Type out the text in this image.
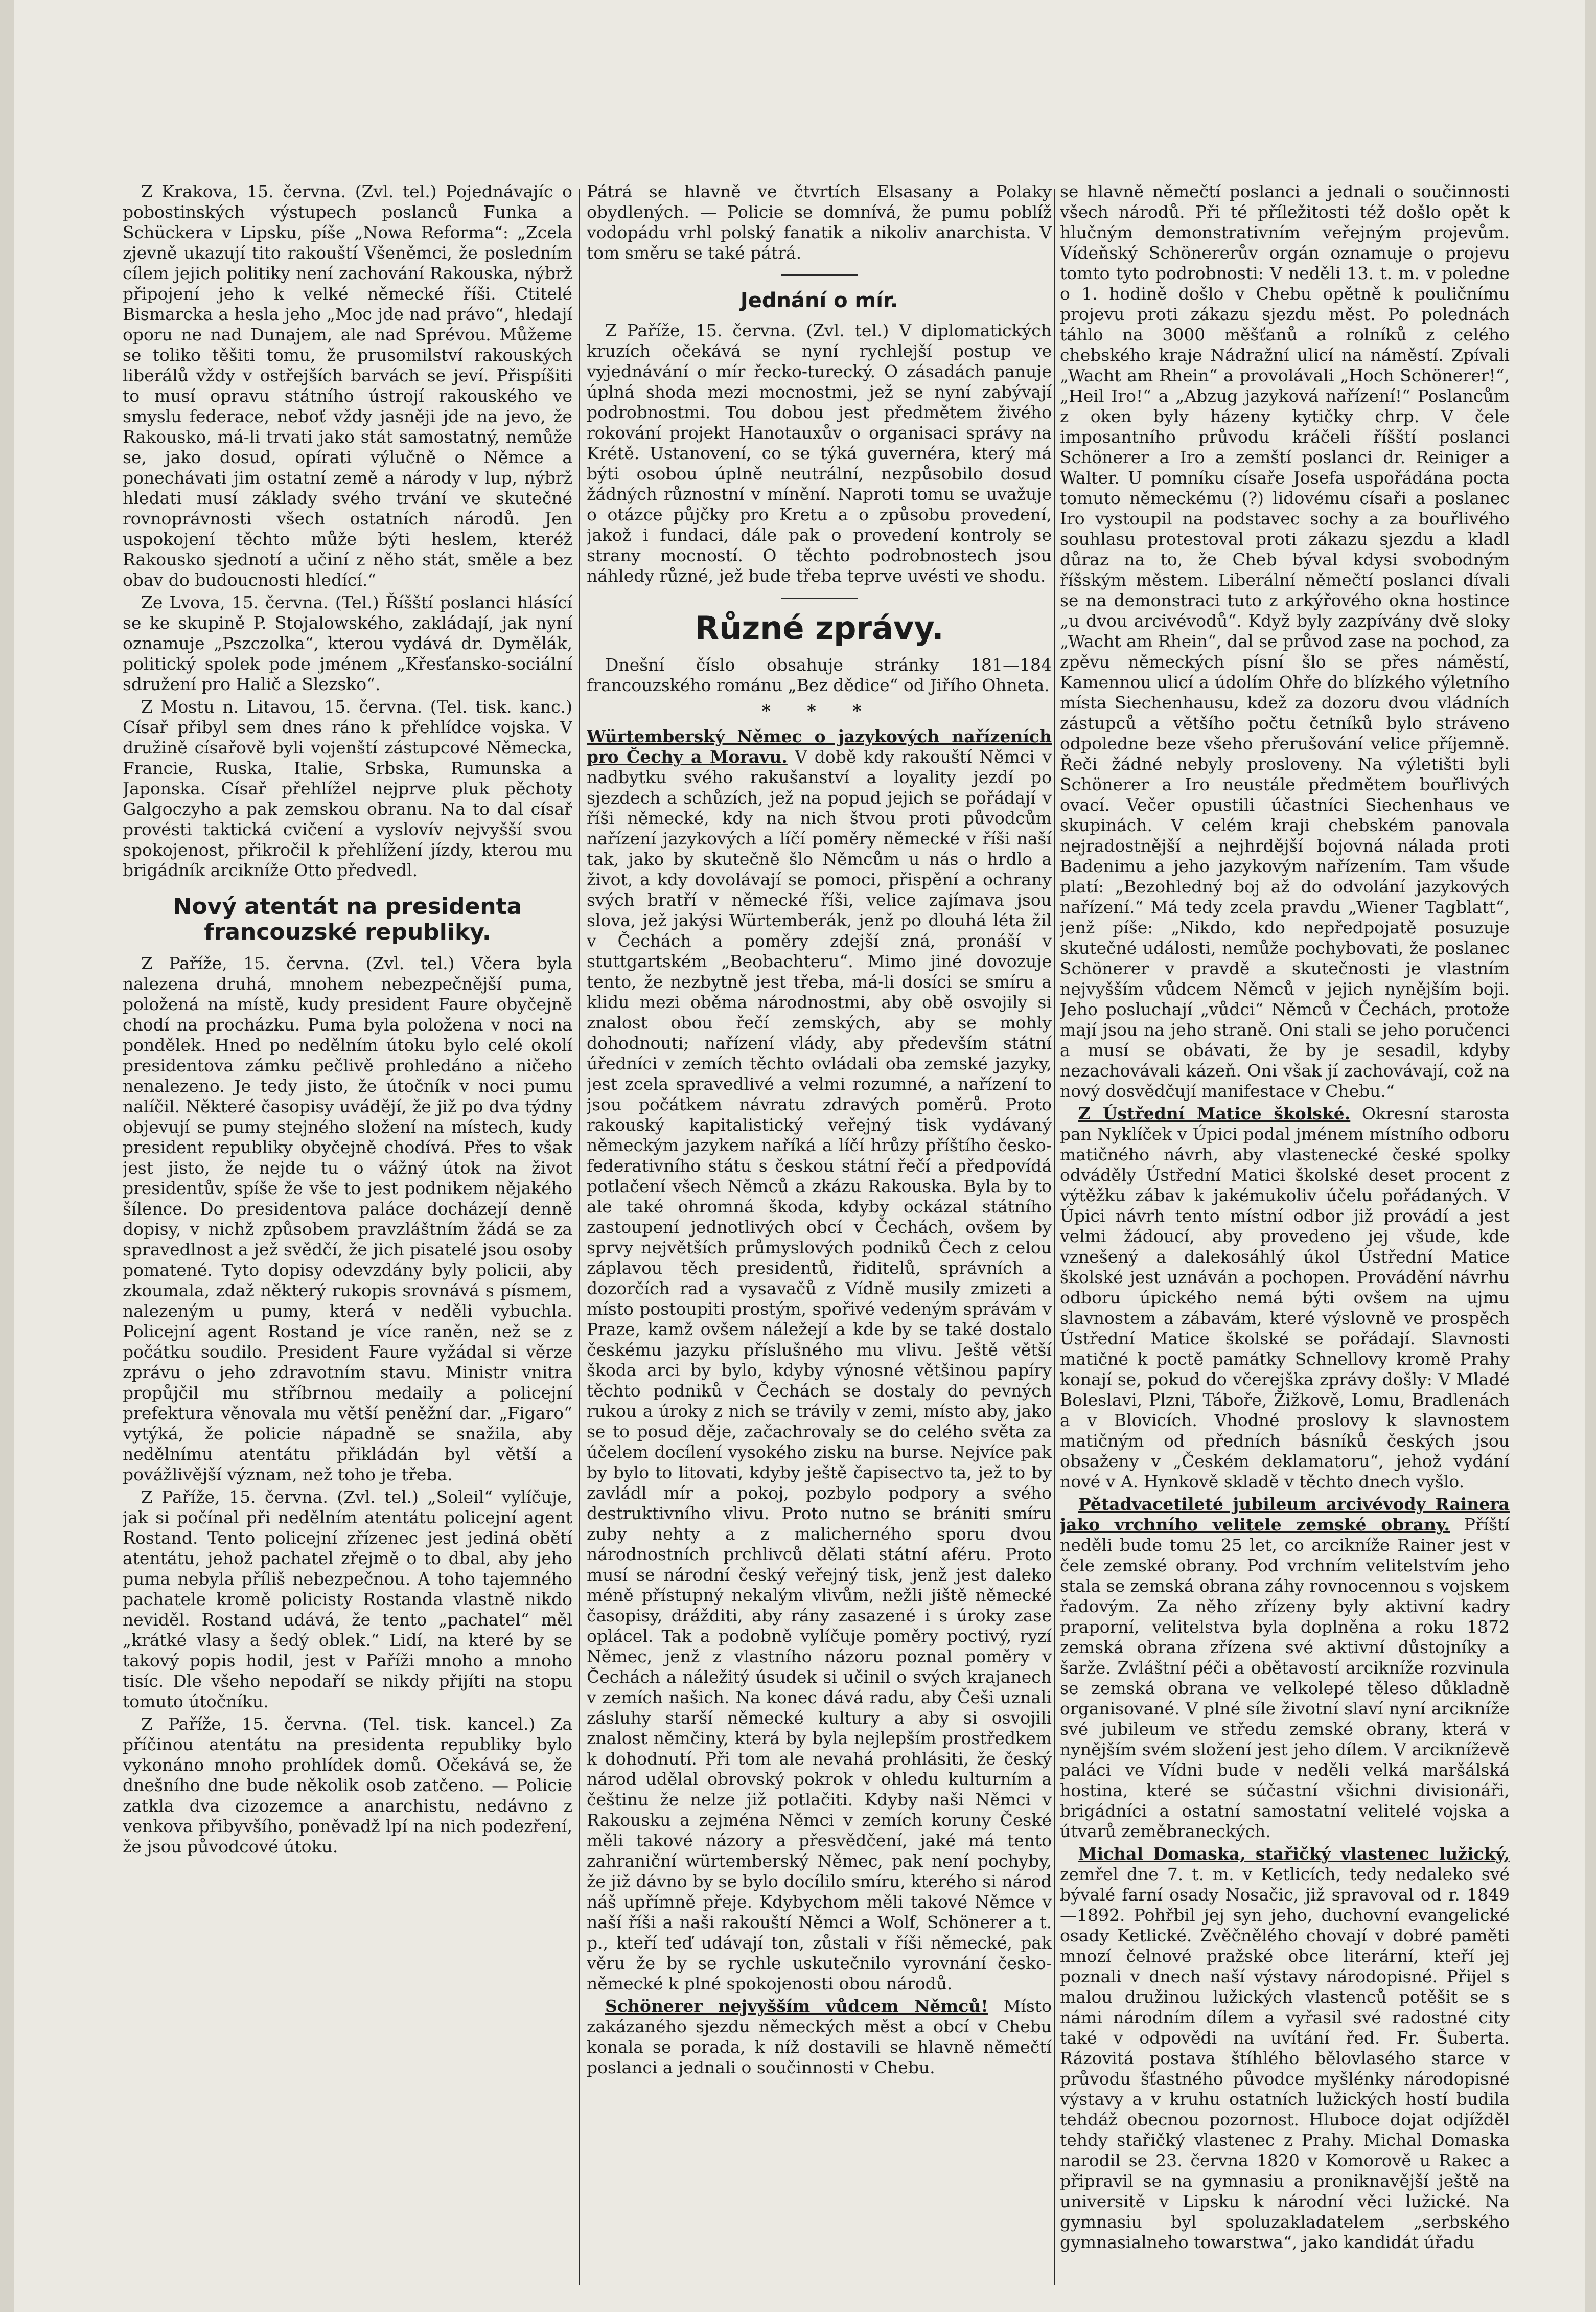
Z Krakova, 15. června. (Zvl. tel.) Pojednávajíc o pobostinských výstupech poslanců Funka a Schückera v Lipsku, píše „Nowa Reforma“: „Zcela zjevně ukazují tito rakouští Všeněmci, že posledním cílem jejich politiky není zachování Rakouska, nýbrž připojení jeho k velké německé říši. Ctitelé Bismarcka a hesla jeho „Moc jde nad právo“, hledají oporu ne nad Dunajem, ale nad Sprévou. Můžeme se toliko těšiti tomu, že prusomilství rakouských liberálů vždy v ostřejších barvách se jeví. Přispíšiti to musí opravu státního ústrojí rakouského ve smyslu federace, neboť vždy jasněji jde na jevo, že Rakousko, má-li trvati jako stát samostatný, nemůže se, jako dosud, opírati výlučně o Němce a ponechávati jim ostatní země a národy v lup, nýbrž hledati musí základy svého trvání ve skutečné rovnoprávnosti všech ostatních národů. Jen uspokojení těchto může býti heslem, kteréž Rakousko sjednotí a učiní z něho stát, směle a bez obav do budoucnosti hledící.“

Ze Lvova, 15. června. (Tel.) Říšští poslanci hlásící se ke skupině P. Stojalowského, zakládají, jak nyní oznamuje „Pszczolka“, kterou vydává dr. Dymělák, politický spolek pode jménem „Křesťansko-sociální sdružení pro Halič a Slezsko“.

Z Mostu n. Litavou, 15. června. (Tel. tisk. kanc.) Císař přibyl sem dnes ráno k přehlídce vojska. V družině císařově byli vojenští zástupcové Německa, Francie, Ruska, Italie, Srbska, Rumunska a Japonska. Císař přehlížel nejprve pluk pěchoty Galgoczyho a pak zemskou obranu. Na to dal císař provésti taktická cvičení a vyslovív nejvyšší svou spokojenost, přikročil k přehlížení jízdy, kterou mu brigádník arcikníže Otto předvedl.

Nový atentát na presidenta francouzské republiky.

Z Paříže, 15. června. (Zvl. tel.) Včera byla nalezena druhá, mnohem nebezpečnější puma, položená na místě, kudy president Faure obyčejně chodí na procházku. Puma byla položena v noci na pondělek. Hned po nedělním útoku bylo celé okolí presidentova zámku pečlivě prohledáno a ničeho nenalezeno. Je tedy jisto, že útočník v noci pumu nalíčil. Některé časopisy uvádějí, že již po dva týdny objevují se pumy stejného složení na místech, kudy president republiky obyčejně chodívá. Přes to však jest jisto, že nejde tu o vážný útok na život presidentův, spíše že vše to jest podnikem nějakého šílence. Do presidentova paláce docházejí denně dopisy, v nichž způsobem pravzláštním žádá se za spravedlnost a jež svědčí, že jich pisatelé jsou osoby pomatené. Tyto dopisy odevzdány byly policii, aby zkoumala, zdaž některý rukopis srovnává s písmem, nalezeným u pumy, která v neděli vybuchla. Policejní agent Rostand je více raněn, než se z počátku soudilo. President Faure vyžádal si věrze zprávu o jeho zdravotním stavu. Ministr vnitra propůjčil mu stříbrnou medaily a policejní prefektura věnovala mu větší peněžní dar. „Figaro“ vytýká, že policie nápadně se snažila, aby nedělnímu atentátu přikládán byl větší a povážlivější význam, než toho je třeba.

Z Paříže, 15. června. (Zvl. tel.) „Soleil“ vylíčuje, jak si počínal při nedělním atentátu policejní agent Rostand. Tento policejní zřízenec jest jediná obětí atentátu, jehož pachatel zřejmě o to dbal, aby jeho puma nebyla příliš nebezpečnou. A toho tajemného pachatele kromě policisty Rostanda vlastně nikdo neviděl. Rostand udává, že tento „pachatel“ měl „krátké vlasy a šedý oblek.“ Lidí, na které by se takový popis hodil, jest v Paříži mnoho a mnoho tisíc. Dle všeho nepodaří se nikdy přijíti na stopu tomuto útočníku.

Z Paříže, 15. června. (Tel. tisk. kancel.) Za příčinou atentátu na presidenta republiky bylo vykonáno mnoho prohlídek domů. Očekává se, že dnešního dne bude několik osob zatčeno. — Policie zatkla dva cizozemce a anarchistu, nedávno z venkova přibyvšího, poněvadž lpí na nich podezření, že jsou původcové útoku.

Pátrá se hlavně ve čtvrtích Elsasany a Polaky obydlených. — Policie se domnívá, že pumu poblíž vodopádu vrhl polský fanatik a nikoliv anarchista. V tom směru se také pátrá.

Jednání o mír.

Z Paříže, 15. června. (Zvl. tel.) V diplomatických kruzích očekává se nyní rychlejší postup ve vyjednávání o mír řecko-turecký. O zásadách panuje úplná shoda mezi mocnostmi, jež se nyní zabývají podrobnostmi. Tou dobou jest předmětem živého rokování projekt Hanotauxův o organisaci správy na Krétě. Ustanovení, co se týká guvernéra, který má býti osobou úplně neutrální, nezpůsobilo dosud žádných různostní v mínění. Naproti tomu se uvažuje o otázce půjčky pro Kretu a o způsobu provedení, jakož i fundaci, dále pak o provedení kontroly se strany mocností. O těchto podrobnostech jsou náhledy různé, jež bude třeba teprve uvésti ve shodu.

Různé zprávy.

Dnešní číslo obsahuje stránky 181—184 francouzského románu „Bez dědice“ od Jiřího Ohneta.

* * *

Würtemberský Němec o jazykových nařízeních pro Čechy a Moravu. V době kdy rakouští Němci v nadbytku svého rakušanství a loyality jezdí po sjezdech a schůzích, jež na popud jejich se pořádají v říši německé, kdy na nich štvou proti původcům nařízení jazykových a líčí poměry německé v říši naší tak, jako by skutečně šlo Němcům u nás o hrdlo a život, a kdy dovolávají se pomoci, přispění a ochrany svých bratří v německé říši, velice zajímava jsou slova, jež jakýsi Würtemberák, jenž po dlouhá léta žil v Čechách a poměry zdejší zná, pronáší v stuttgartském „Beobachteru“. Mimo jiné dovozuje tento, že nezbytně jest třeba, má-li dosíci se smíru a klidu mezi oběma národnostmi, aby obě osvojily si znalost obou řečí zemských, aby se mohly dohodnouti; nařízení vlády, aby především státní úředníci v zemích těchto ovládali oba zemské jazyky, jest zcela spravedlivé a velmi rozumné, a nařízení to jsou počátkem návratu zdravých poměrů. Proto rakouský kapitalistický veřejný tisk vydávaný německým jazykem naříká a líčí hrůzy příštího česko-federativního státu s českou státní řečí a předpovídá potlačení všech Němců a zkázu Rakouska. Byla by to ale také ohromná škoda, kdyby ockázal státního zastoupení jednotlivých obcí v Čechách, ovšem by sprvy největších průmyslových podniků Čech z celou záplavou těch presidentů, řiditelů, správních a dozorčích rad a vysavačů z Vídně musily zmizeti a místo postoupiti prostým, spořivé vedeným správám v Praze, kamž ovšem náležejí a kde by se také dostalo českému jazyku příslušného mu vlivu. Ještě větší škoda arci by bylo, kdyby výnosné většinou papíry těchto podniků v Čechách se dostaly do pevných rukou a úroky z nich se trávily v zemi, místo aby, jako se to posud děje, začachrovaly se do celého světa za účelem docílení vysokého zisku na burse. Nejvíce pak by bylo to litovati, kdyby ještě čapisectvo ta, jež to by zavládl mír a pokoj, pozbylo podpory a svého destruktivního vlivu. Proto nutno se brániti smíru zuby nehty a z malicherného sporu dvou národnostních prchlivců dělati státní aféru. Proto musí se národní český veřejný tisk, jenž jest daleko méně přístupný nekalým vlivům, nežli jiště německé časopisy, drážditi, aby rány zasazené i s úroky zase oplácel. Tak a podobně vylíčuje poměry poctivý, ryzí Němec, jenž z vlastního názoru poznal poměry v Čechách a náležitý úsudek si učinil o svých krajanech v zemích našich. Na konec dává radu, aby Češi uznali zásluhy starší německé kultury a aby si osvojili znalost němčiny, která by byla nejlepším prostředkem k dohodnutí. Při tom ale nevahá prohlásiti, že český národ udělal obrovský pokrok v ohledu kulturním a češtinu že nelze již potlačiti. Kdyby naši Němci v Rakousku a zejména Němci v zemích koruny České měli takové názory a přesvědčení, jaké má tento zahraniční würtemberský Němec, pak není pochyby, že již dávno by se bylo docílilo smíru, kterého si národ náš upřímně přeje. Kdybychom měli takové Němce v naší říši a naši rakouští Němci a Wolf, Schönerer a t. p., kteří teď udávají ton, zůstali v říši německé, pak věru že by se rychle uskutečnilo vyrovnání česko-německé k plné spokojenosti obou národů.

Schönerer nejvyšším vůdcem Němců! Místo zakázaného sjezdu německých měst a obcí v Chebu konala se porada, k níž dostavili se hlavně němečtí poslanci a jednali o součinnosti v Chebu.

se hlavně němečtí poslanci a jednali o součinnosti všech národů. Při té příležitosti též došlo opět k hlučným demonstrativním veřejným projevům. Vídeňský Schönererův orgán oznamuje o projevu tomto tyto podrobnosti: V neděli 13. t. m. v poledne o 1. hodině došlo v Chebu opětně k pouličnímu projevu proti zákazu sjezdu měst. Po polednách táhlo na 3000 měšťanů a rolníků z celého chebského kraje Nádražní ulicí na náměstí. Zpívali „Wacht am Rhein“ a provolávali „Hoch Schönerer!“, „Heil Iro!“ a „Abzug jazyková nařízení!“ Poslancům z oken byly házeny kytičky chrp. V čele imposantního průvodu kráčeli říšští poslanci Schönerer a Iro a zemští poslanci dr. Reiniger a Walter. U pomníku císaře Josefa uspořádána pocta tomuto německému (?) lidovému císaři a poslanec Iro vystoupil na podstavec sochy a za bouřlivého souhlasu protestoval proti zákazu sjezdu a kladl důraz na to, že Cheb býval kdysi svobodným říšským městem. Liberální němečtí poslanci dívali se na demonstraci tuto z arkýřového okna hostince „u dvou arcivévodů“. Když byly zazpívány dvě sloky „Wacht am Rhein“, dal se průvod zase na pochod, za zpěvu německých písní šlo se přes náměstí, Kamennou ulicí a údolím Ohře do blízkého výletního místa Siechenhausu, kdež za dozoru dvou vládních zástupců a většího počtu četníků bylo stráveno odpoledne beze všeho přerušování velice příjemně. Řeči žádné nebyly prosloveny. Na výletišti byli Schönerer a Iro neustále předmětem bouřlivých ovací. Večer opustili účastníci Siechenhaus ve skupinách. V celém kraji chebském panovala nejradostnější a nejhrdější bojovná nálada proti Badenimu a jeho jazykovým nařízením. Tam všude platí: „Bezohledný boj až do odvolání jazykových nařízení.“ Má tedy zcela pravdu „Wiener Tagblatt“, jenž píše: „Nikdo, kdo nepředpojatě posuzuje skutečné události, nemůže pochybovati, že poslanec Schönerer v pravdě a skutečnosti je vlastním nejvyšším vůdcem Němců v jejich nynějším boji. Jeho posluchají „vůdci“ Němců v Čechách, protože mají jsou na jeho straně. Oni stali se jeho poručenci a musí se obávati, že by je sesadil, kdyby nezachovávali kázeň. Oni však jí zachovávají, což na nový dosvědčují manifestace v Chebu.“

Z Ústřední Matice školské. Okresní starosta pan Nyklíček v Úpici podal jménem místního odboru matičného návrh, aby vlastenecké české spolky odváděly Ústřední Matici školské deset procent z výtěžku zábav k jakémukoliv účelu pořádaných. V Úpici návrh tento místní odbor již provádí a jest velmi žádoucí, aby provedeno jej všude, kde vznešený a dalekosáhlý úkol Ústřední Matice školské jest uznáván a pochopen. Provádění návrhu odboru úpického nemá býti ovšem na ujmu slavnostem a zábavám, které výslovně ve prospěch Ústřední Matice školské se pořádají. Slavnosti matičné k poctě památky Schnellovy kromě Prahy konají se, pokud do včerejška zprávy došly: V Mladé Boleslavi, Plzni, Táboře, Žižkově, Lomu, Bradlenách a v Blovicích. Vhodné proslovy k slavnostem matičným od předních básníků českých jsou obsaženy v „Českém deklamatoru“, jehož vydání nové v A. Hynkově skladě v těchto dnech vyšlo.

Pětadvacetileté jubileum arcivévody Rainera jako vrchního velitele zemské obrany. Příští neděli bude tomu 25 let, co arcikníže Rainer jest v čele zemské obrany. Pod vrchním velitelstvím jeho stala se zemská obrana záhy rovnocennou s vojskem řadovým. Za něho zřízeny byly aktivní kadry praporní, velitelstva byla doplněna a roku 1872 zemská obrana zřízena své aktivní důstojníky a šarže. Zvláštní péči a obětavostí arcikníže rozvinula se zemská obrana ve velkolepé těleso důkladně organisované. V plné síle životní slaví nyní arcikníže své jubileum ve středu zemské obrany, která v nynějším svém složení jest jeho dílem. V arcikníževě paláci ve Vídni bude v neděli velká maršálská hostina, které se súčastní všichni divisionáři, brigádníci a ostatní samostatní velitelé vojska a útvarů zeměbraneckých.

Michal Domaska, stařičký vlastenec lužický, zemřel dne 7. t. m. v Ketlicích, tedy nedaleko své bývalé farní osady Nosačic, již spravoval od r. 1849—1892. Pohřbil jej syn jeho, duchovní evangelické osady Ketlické. Zvěčnělého chovají v dobré paměti mnozí čelnové pražské obce literární, kteří jej poznali v dnech naší výstavy národopisné. Přijel s malou družinou lužických vlastenců potěšit se s námi národním dílem a vyřasil své radostné city také v odpovědi na uvítání řed. Fr. Šuberta. Rázovitá postava štíhlého bělovlasého starce v průvodu šťastného původce myšlénky národopisné výstavy a v kruhu ostatních lužických hostí budila tehdáž obecnou pozornost. Hluboce dojat odjížděl tehdy stařičký vlastenec z Prahy. Michal Domaska narodil se 23. června 1820 v Komorově u Rakec a připravil se na gymnasiu a proniknavější ještě na universitě v Lipsku k národní věci lužické. Na gymnasiu byl spoluzakladatelem „serbského gymnasialneho towarstwa“, jako kandidát úřadu
